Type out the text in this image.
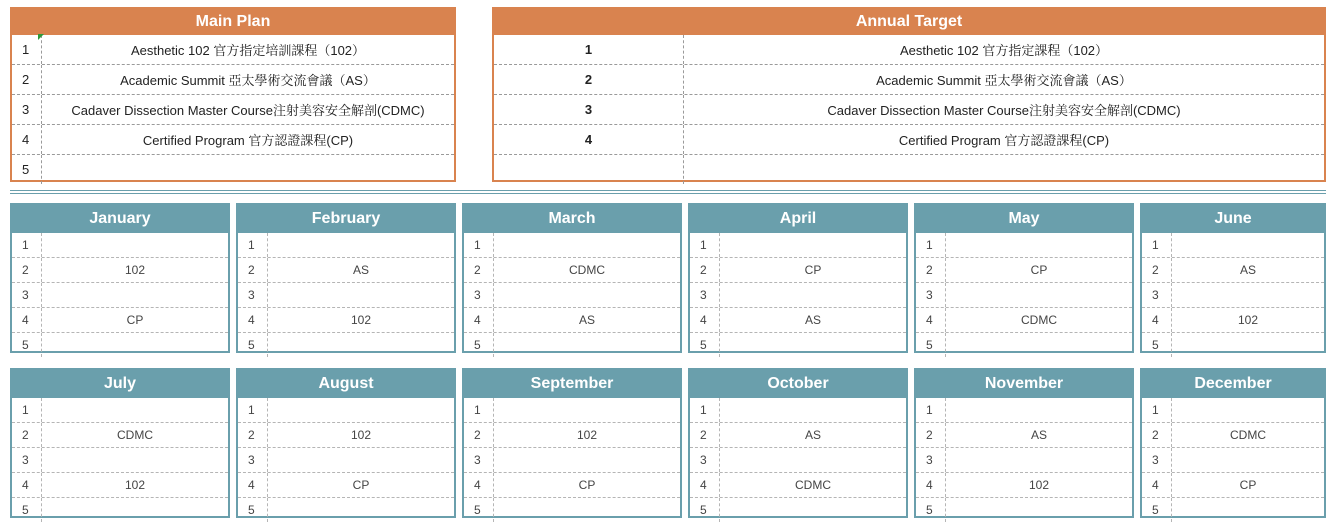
Main Plan
1	Aesthetic 102 官方指定培訓課程（102）
2	Academic Summit 亞太學術交流會議（AS）
3	Cadaver Dissection Master Course注射美容安全解剖(CDMC)
4	Certified Program 官方認證課程(CP)
5
Annual Target
1	Aesthetic 102 官方指定課程（102）
2	Academic Summit 亞太學術交流會議（AS）
3	Cadaver Dissection Master Course注射美容安全解剖(CDMC)
4	Certified Program 官方認證課程(CP)
January
1
2	102
3
4	CP
5
February
1
2	AS
3
4	102
5
March
1
2	CDMC
3
4	AS
5
April
1
2	CP
3
4	AS
5
May
1
2	CP
3
4	CDMC
5
June
1
2	AS
3
4	102
5
July
1
2	CDMC
3
4	102
5
August
1
2	102
3
4	CP
5
September
1
2	102
3
4	CP
5
October
1
2	AS
3
4	CDMC
5
November
1
2	AS
3
4	102
5
December
1
2	CDMC
3
4	CP
5
